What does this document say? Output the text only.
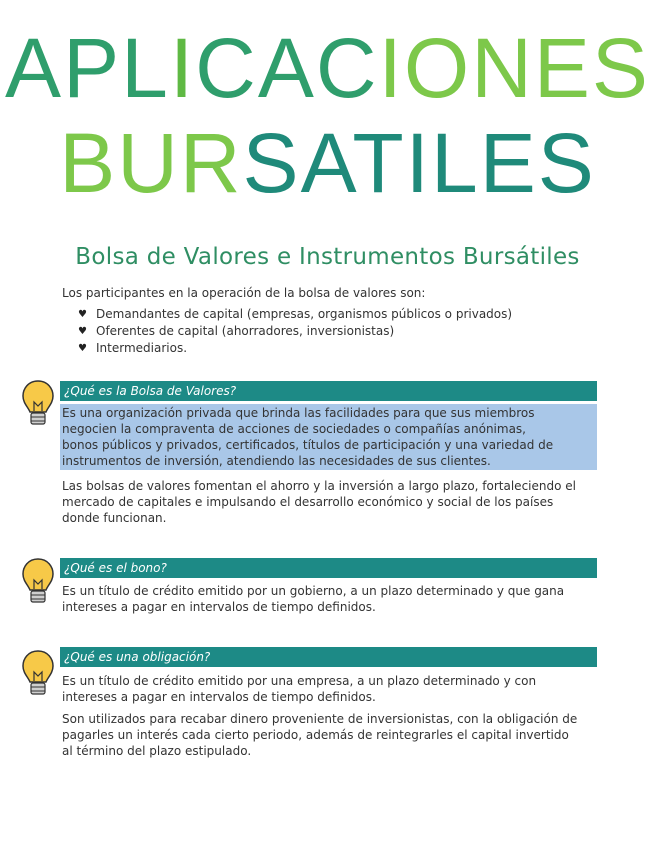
APLICACIONES
BURSATILES
Bolsa de Valores e Instrumentos Bursátiles
Los participantes en la operación de la bolsa de valores son:
♥ Demandantes de capital (empresas, organismos públicos o privados)
♥ Oferentes de capital (ahorradores, inversionistas)
♥ Intermediarios.
¿Qué es la Bolsa de Valores?
Es una organización privada que brinda las facilidades para que sus miembros
negocien la compraventa de acciones de sociedades o compañías anónimas,
bonos públicos y privados, certificados, títulos de participación y una variedad de
instrumentos de inversión, atendiendo las necesidades de sus clientes.
Las bolsas de valores fomentan el ahorro y la inversión a largo plazo, fortaleciendo el
mercado de capitales e impulsando el desarrollo económico y social de los países
donde funcionan.
¿Qué es el bono?
Es un título de crédito emitido por un gobierno, a un plazo determinado y que gana
intereses a pagar en intervalos de tiempo definidos.
¿Qué es una obligación?
Es un título de crédito emitido por una empresa, a un plazo determinado y con
intereses a pagar en intervalos de tiempo definidos.
Son utilizados para recabar dinero proveniente de inversionistas, con la obligación de
pagarles un interés cada cierto periodo, además de reintegrarles el capital invertido
al término del plazo estipulado.
